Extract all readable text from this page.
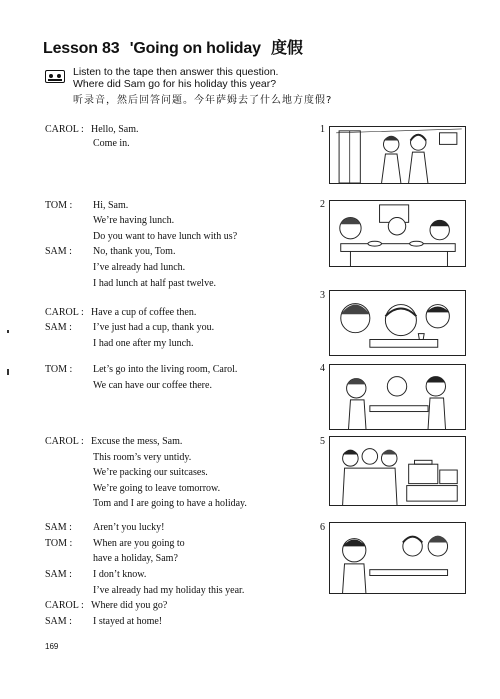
Lesson 83 'Going on holiday 度假
Listen to the tape then answer this question.
Where did Sam go for his holiday this year?
听录音，然后回答问题。今年萨姆去了什么地方度假?
CAROL : Hello, Sam.
Come in.
TOM : Hi, Sam.
We’re having lunch.
Do you want to have lunch with us?
SAM : No, thank you, Tom.
I’ve already had lunch.
I had lunch at half past twelve.
CAROL : Have a cup of coffee then.
SAM : I’ve just had a cup, thank you.
I had one after my lunch.
TOM : Let’s go into the living room, Carol.
We can have our coffee there.
CAROL : Excuse the mess, Sam.
This room’s very untidy.
We’re packing our suitcases.
We’re going to leave tomorrow.
Tom and I are going to have a holiday.
SAM : Aren’t you lucky!
TOM : When are you going to
have a holiday, Sam?
SAM : I don’t know.
I’ve already had my holiday this year.
CAROL : Where did you go?
SAM : I stayed at home!
1
2
3
4
5
6
169
